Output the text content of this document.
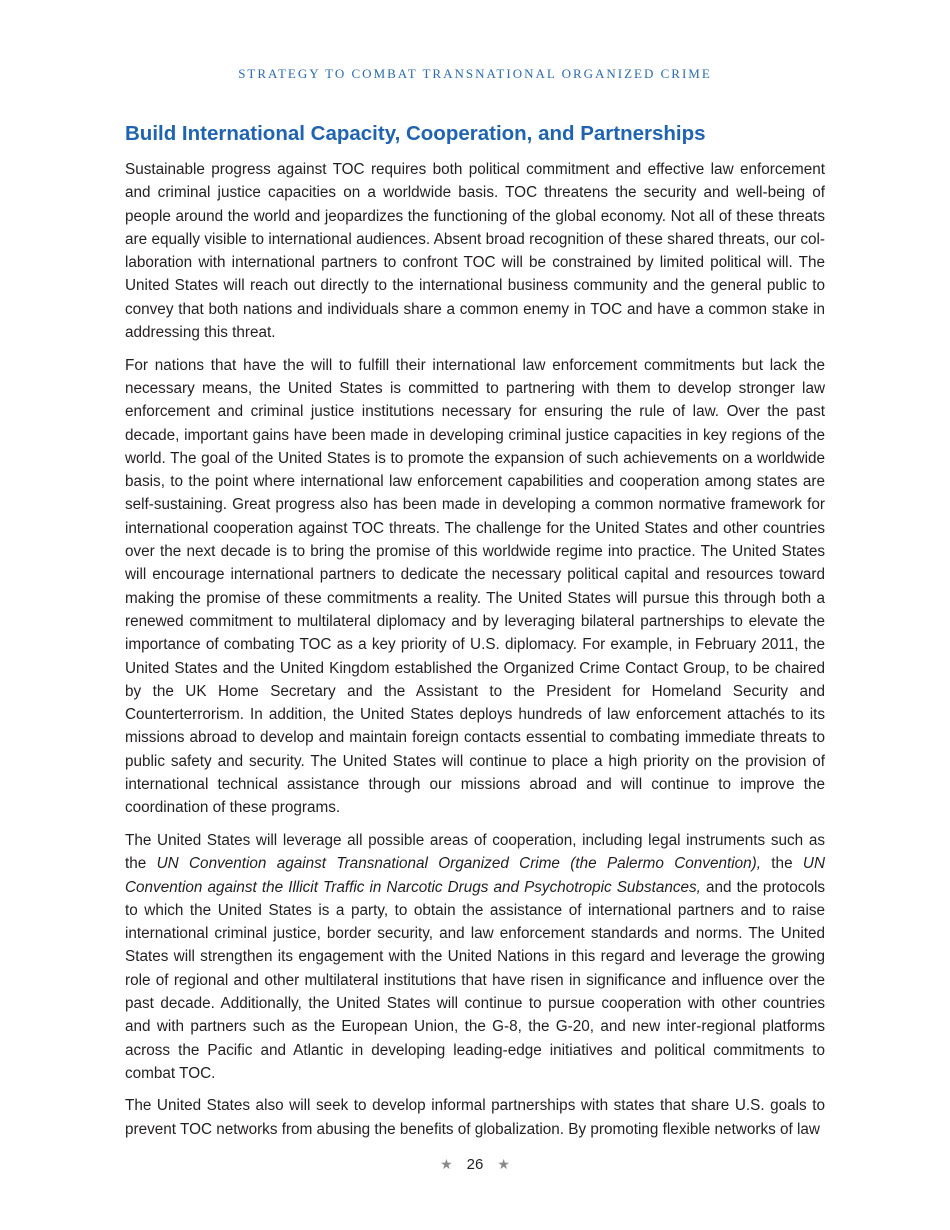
STRATEGY TO COMBAT TRANSNATIONAL ORGANIZED CRIME
Build International Capacity, Cooperation, and Partnerships

Sustainable progress against TOC requires both political commitment and effective law enforcement and criminal justice capacities on a worldwide basis. TOC threatens the security and well-being of people around the world and jeopardizes the functioning of the global economy. Not all of these threats are equally visible to international audiences. Absent broad recognition of these shared threats, our collaboration with international partners to confront TOC will be constrained by limited political will. The United States will reach out directly to the international business community and the general public to convey that both nations and individuals share a common enemy in TOC and have a common stake in addressing this threat.

For nations that have the will to fulfill their international law enforcement commitments but lack the necessary means, the United States is committed to partnering with them to develop stronger law enforcement and criminal justice institutions necessary for ensuring the rule of law. Over the past decade, important gains have been made in developing criminal justice capacities in key regions of the world. The goal of the United States is to promote the expansion of such achievements on a worldwide basis, to the point where international law enforcement capabilities and cooperation among states are self-sustaining. Great progress also has been made in developing a common normative framework for international cooperation against TOC threats. The challenge for the United States and other countries over the next decade is to bring the promise of this worldwide regime into practice. The United States will encourage international partners to dedicate the necessary political capital and resources toward making the promise of these commitments a reality. The United States will pursue this through both a renewed commitment to multilateral diplomacy and by leveraging bilateral partnerships to elevate the importance of combating TOC as a key priority of U.S. diplomacy. For example, in February 2011, the United States and the United Kingdom established the Organized Crime Contact Group, to be chaired by the UK Home Secretary and the Assistant to the President for Homeland Security and Counterterrorism. In addition, the United States deploys hundreds of law enforcement attachés to its missions abroad to develop and maintain foreign contacts essential to combating immediate threats to public safety and security. The United States will continue to place a high priority on the provision of international technical assistance through our missions abroad and will continue to improve the coordination of these programs.

The United States will leverage all possible areas of cooperation, including legal instruments such as the UN Convention against Transnational Organized Crime (the Palermo Convention), the UN Convention against the Illicit Traffic in Narcotic Drugs and Psychotropic Substances, and the protocols to which the United States is a party, to obtain the assistance of international partners and to raise international criminal justice, border security, and law enforcement standards and norms. The United States will strengthen its engagement with the United Nations in this regard and leverage the growing role of regional and other multilateral institutions that have risen in significance and influence over the past decade. Additionally, the United States will continue to pursue cooperation with other countries and with partners such as the European Union, the G-8, the G-20, and new inter-regional platforms across the Pacific and Atlantic in developing leading-edge initiatives and political commitments to combat TOC.

The United States also will seek to develop informal partnerships with states that share U.S. goals to prevent TOC networks from abusing the benefits of globalization. By promoting flexible networks of law

★ 26 ★
